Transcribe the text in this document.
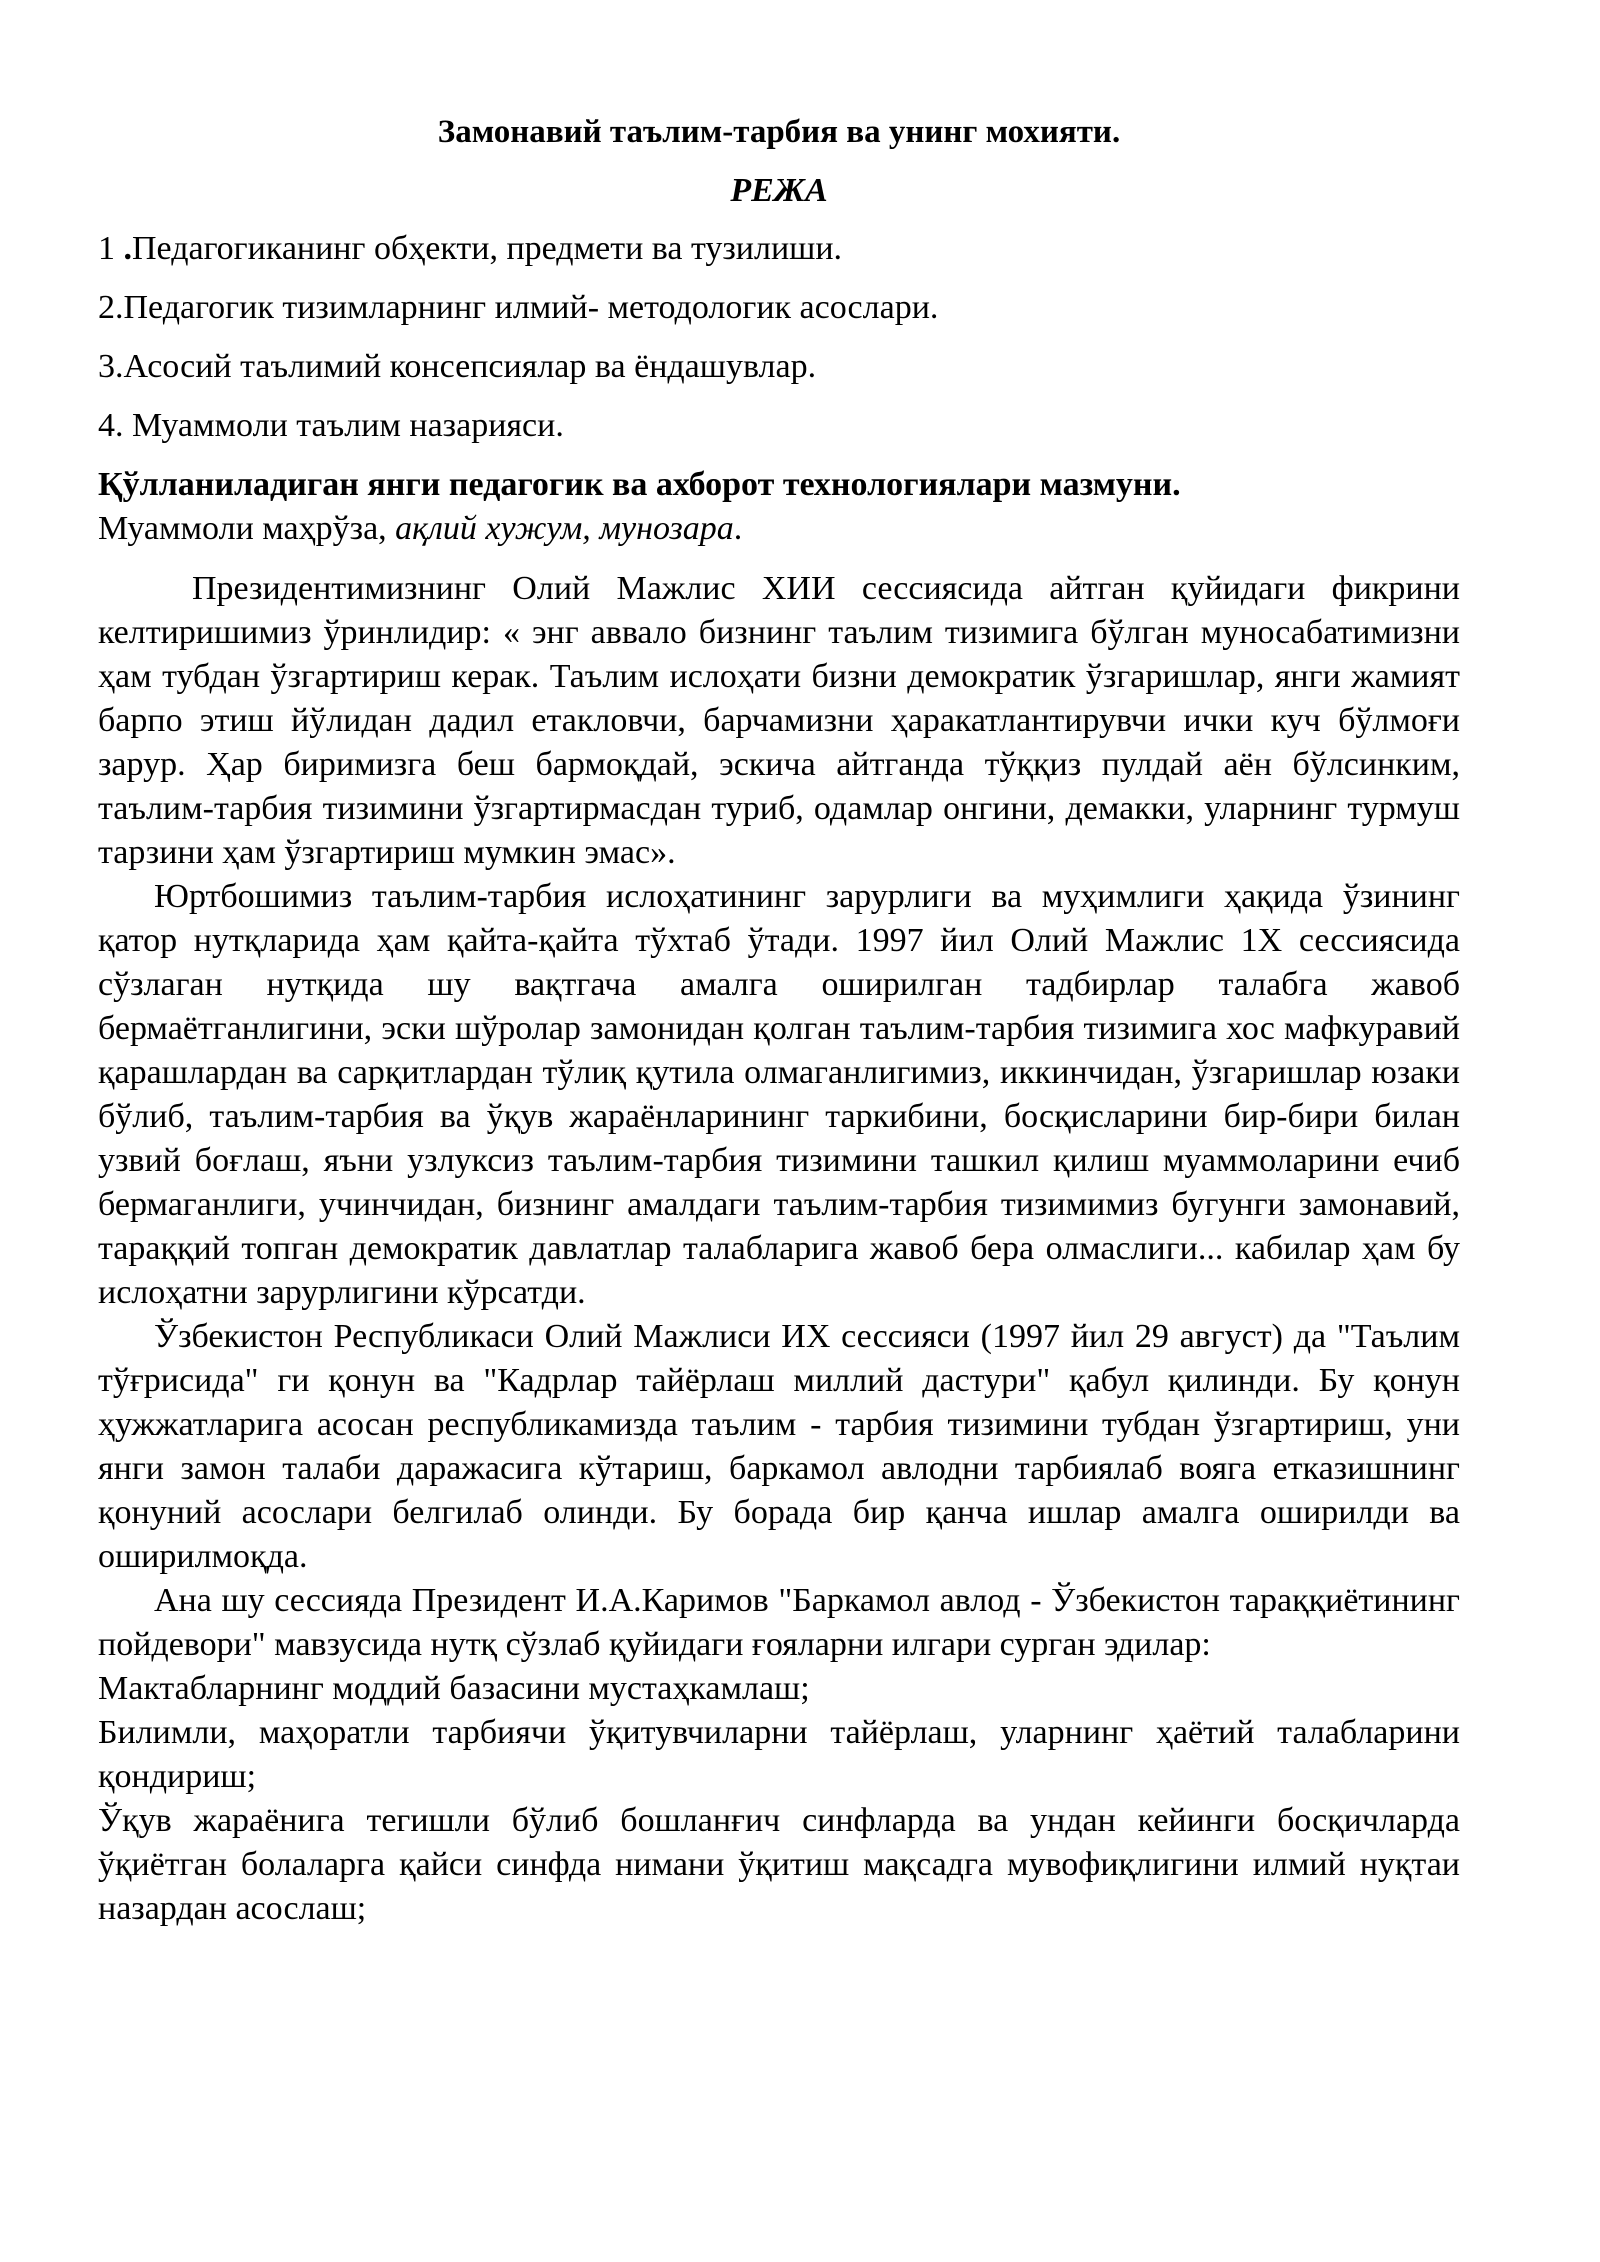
Замонавий таълим-тарбия ва унинг мохияти.
РЕЖА
1 .Педагогиканинг обҳекти, предмети ва тузилиши.
2.Педагогик тизимларнинг илмий- методологик асослари.
3.Асосий таълимий консепсиялар ва ёндашувлар.
4. Муаммоли таълим назарияси.
Қўлланиладиган янги педагогик ва ахборот технологиялари мазмуни.
Муаммоли маҳрўза, ақлий хужум, мунозара.

Президентимизнинг Олий Мажлис ХИИ сессиясида айтган қуйидаги фикрини келтиришимиз ўринлидир: « энг аввало бизнинг таълим тизимига бўлган муносабатимизни ҳам тубдан ўзгартириш керак. Таълим ислоҳати бизни демократик ўзгаришлар, янги жамият барпо этиш йўлидан дадил етакловчи, барчамизни ҳаракатлантирувчи ички куч бўлмоғи зарур. Ҳар биримизга беш бармоқдай, эскича айтганда тўққиз пулдай аён бўлсинким, таълим-тарбия тизимини ўзгартирмасдан туриб, одамлар онгини, демакки, уларнинг турмуш тарзини ҳам ўзгартириш мумкин эмас».

Юртбошимиз таълим-тарбия ислоҳатининг зарурлиги ва муҳимлиги ҳақида ўзининг қатор нутқларида ҳам қайта-қайта тўхтаб ўтади. 1997 йил Олий Мажлис 1Х сессиясида сўзлаган нутқида шу вақтгача амалга оширилган тадбирлар талабга жавоб бермаётганлигини, эски шўролар замонидан қолган таълим-тарбия тизимига хос мафкуравий қарашлардан ва сарқитлардан тўлиқ қутила олмаганлигимиз, иккинчидан, ўзгаришлар юзаки бўлиб, таълим-тарбия ва ўқув жараёнларининг таркибини, босқисларини бир-бири билан узвий боғлаш, яъни узлуксиз таълим-тарбия тизимини ташкил қилиш муаммоларини ечиб бермаганлиги, учинчидан, бизнинг амалдаги таълим-тарбия тизимимиз бугунги замонавий, тараққий топган демократик давлатлар талабларига жавоб бера олмаслиги... кабилар ҳам бу ислоҳатни зарурлигини кўрсатди.

Ўзбекистон Республикаси Олий Мажлиси ИХ сессияси (1997 йил 29 август) да "Таълим тўғрисида" ги қонун ва "Кадрлар тайёрлаш миллий дастури" қабул қилинди. Бу қонун ҳужжатларига асосан республикамизда таълим - тарбия тизимини тубдан ўзгартириш, уни янги замон талаби даражасига кўтариш, баркамол авлодни тарбиялаб вояга етказишнинг қонуний асослари белгилаб олинди. Бу борада бир қанча ишлар амалга оширилди ва оширилмоқда.

Ана шу сессияда Президент И.А.Каримов "Баркамол авлод - Ўзбекистон тараққиётининг пойдевори" мавзусида нутқ сўзлаб қуйидаги ғояларни илгари сурган эдилар:

Мактабларнинг моддий базасини мустаҳкамлаш;

Билимли, маҳоратли тарбиячи ўқитувчиларни тайёрлаш, уларнинг ҳаётий талабларини қондириш;

Ўқув жараёнига тегишли бўлиб бошланғич синфларда ва ундан кейинги босқичларда ўқиётган болаларга қайси синфда нимани ўқитиш мақсадга мувофиқлигини илмий нуқтаи назардан асослаш;
